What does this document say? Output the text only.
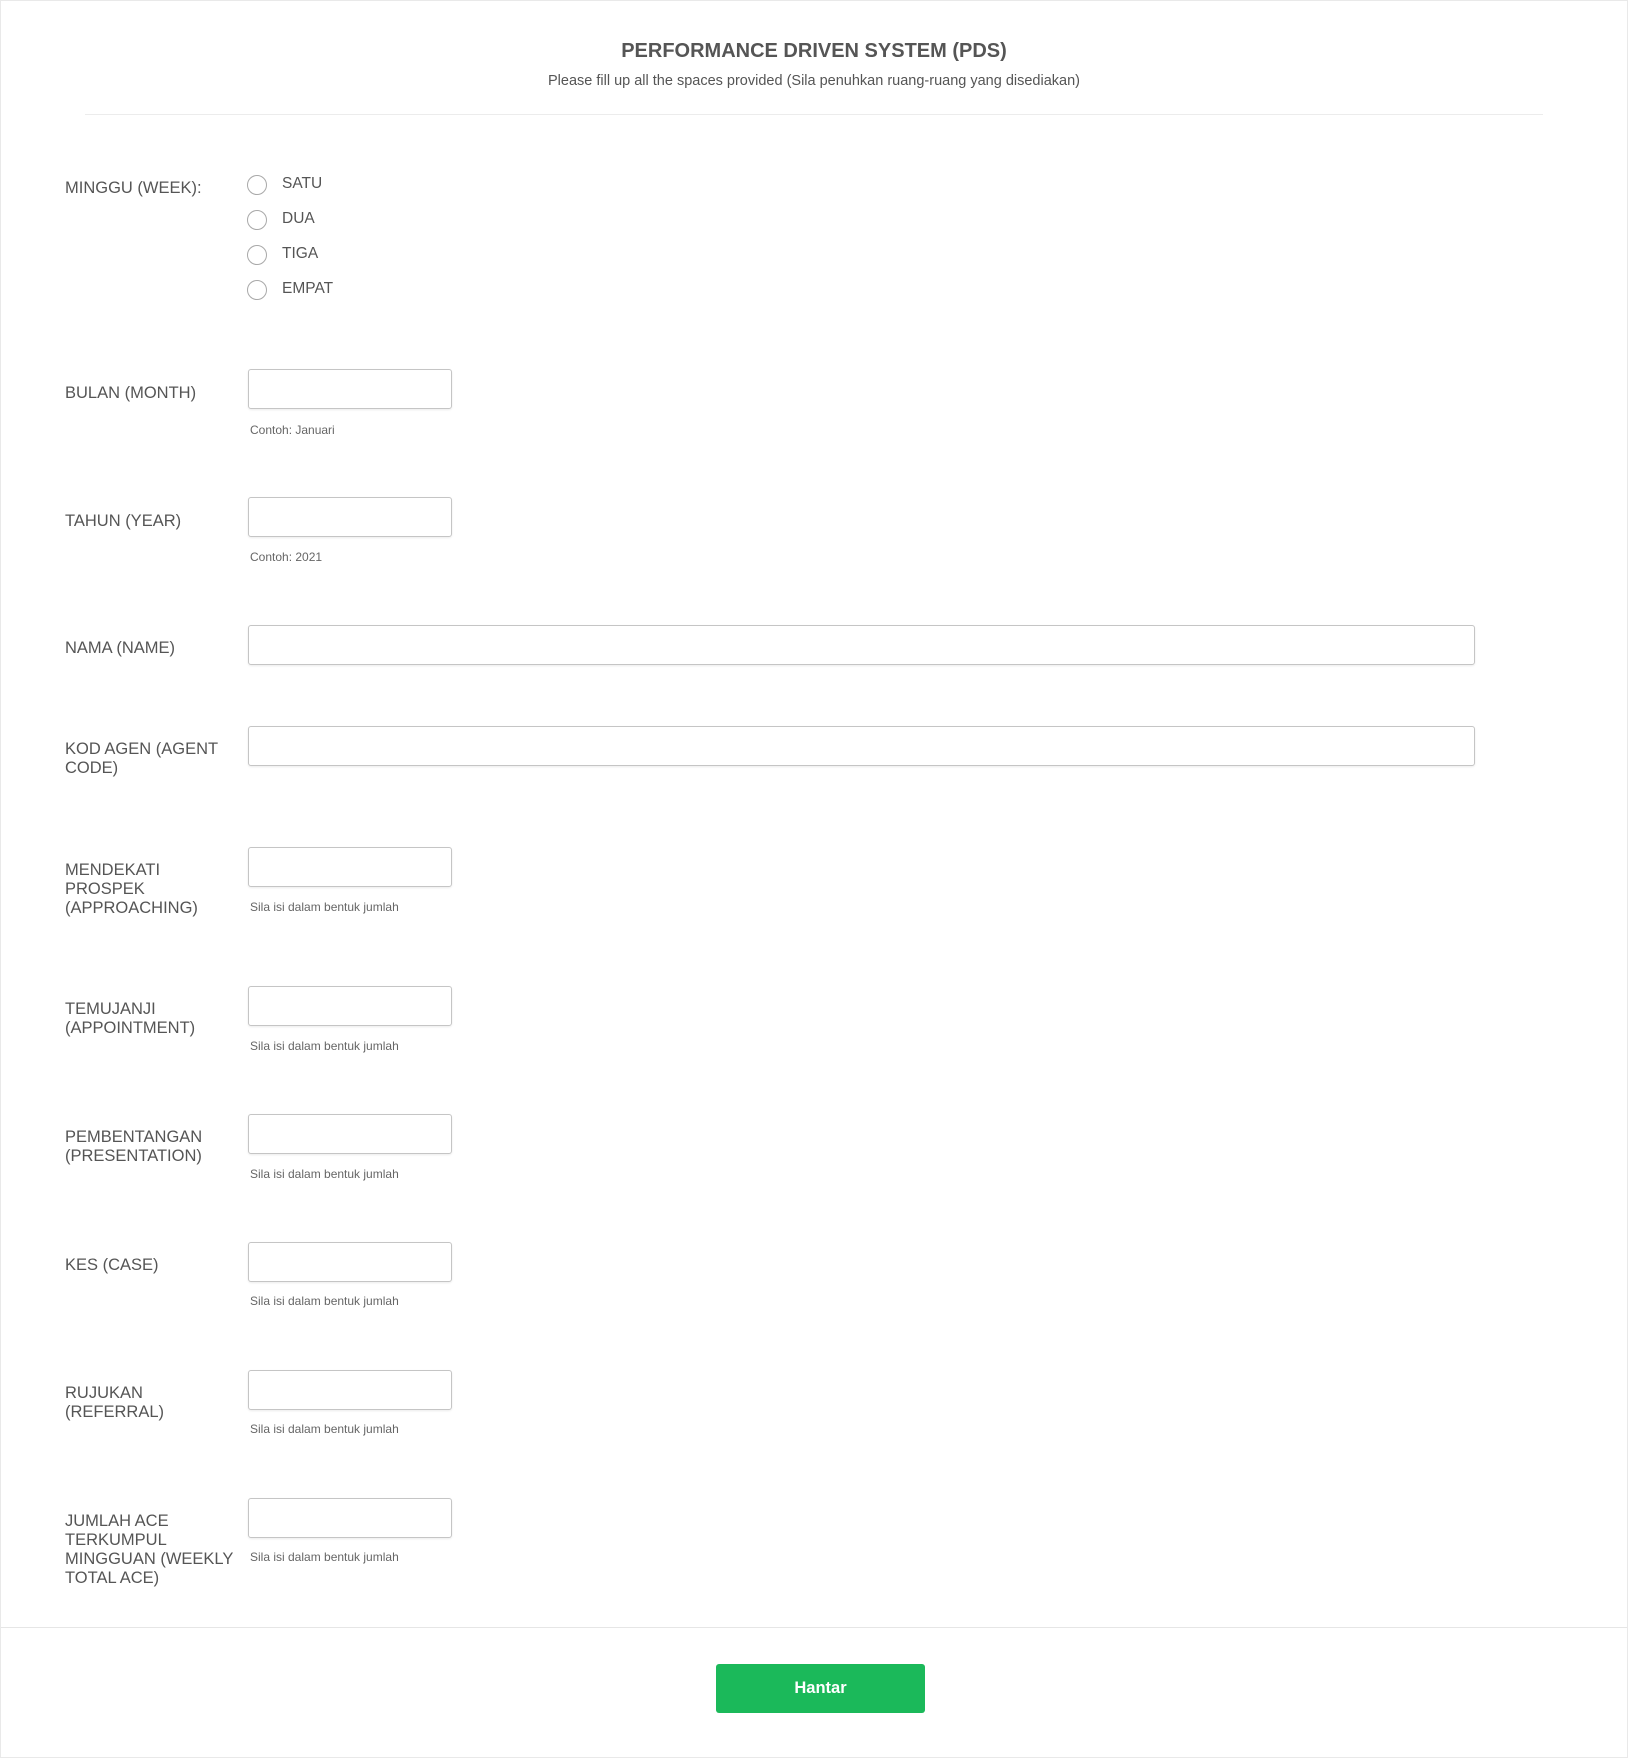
PERFORMANCE DRIVEN SYSTEM (PDS)
Please fill up all the spaces provided (Sila penuhkan ruang-ruang yang disediakan)
MINGGU (WEEK):	SATU
DUA
TIGA
EMPAT
BULAN (MONTH)
Contoh: Januari
TAHUN (YEAR)
Contoh: 2021
NAMA (NAME)
KOD AGEN (AGENT CODE)
MENDEKATI PROSPEK (APPROACHING)	Sila isi dalam bentuk jumlah
TEMUJANJI (APPOINTMENT)
Sila isi dalam bentuk jumlah
PEMBENTANGAN (PRESENTATION)
Sila isi dalam bentuk jumlah
KES (CASE)
Sila isi dalam bentuk jumlah
RUJUKAN (REFERRAL)
Sila isi dalam bentuk jumlah
JUMLAH ACE TERKUMPUL MINGGUAN (WEEKLY TOTAL ACE)
Sila isi dalam bentuk jumlah
Hantar
